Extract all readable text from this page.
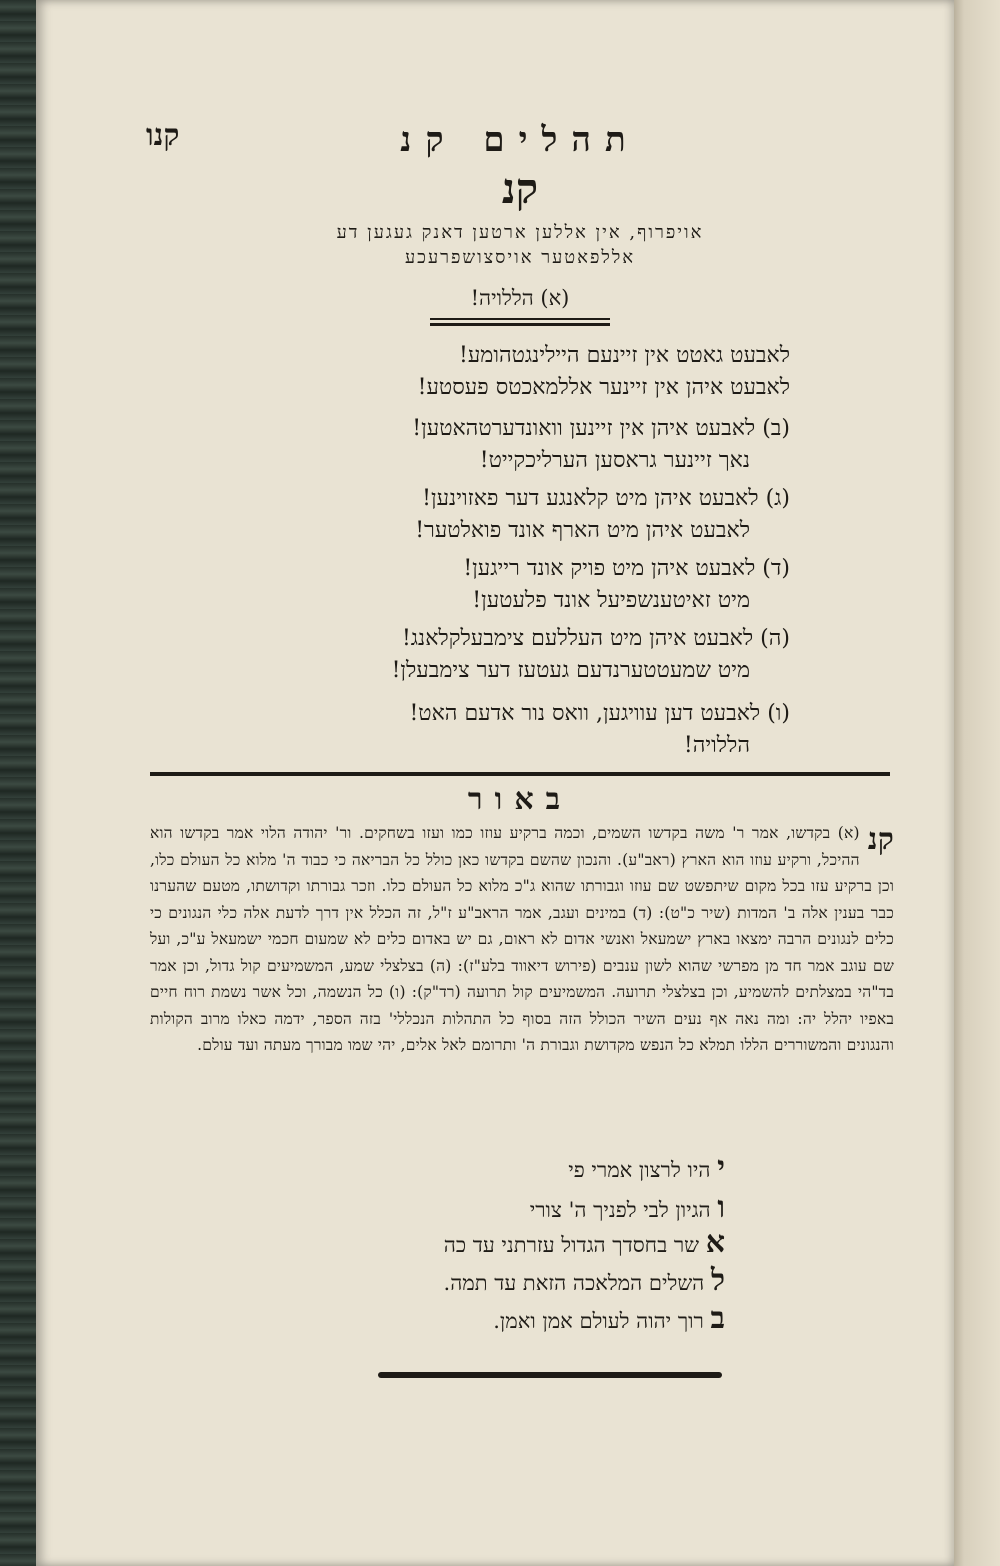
תהלים קנ
קנו
קנ
אויפרוף, אין אללען ארטען דאנק געגען דע
אללפאטער אויסצושפרעכע
(א) הללויה!
לאבעט גאטט אין זיינעם היילינגטהומע!
לאבעט איהן אין זיינער אללמאכטס פעסטע!
(ב) לאבעט איהן אין זיינען וואונדערטהאטען!
נאך זיינער גראסען הערליכקייט!
(ג) לאבעט איהן מיט קלאנגע דער פאזוינען!
לאבעט איהן מיט הארף אונד פואלטער!
(ד) לאבעט איהן מיט פויק אונד רייגען!
מיט זאיטענשפיעל אונד פלעטען!
(ה) לאבעט איהן מיט העללעם צימבעלקלאנג!
מיט שמעטטערנדעם געטעז דער צימבעלן!
(ו) לאבעט דען עוויגען, וואס נור אדעם האט!
הללויה!
באור
קנ
(א) בקדשו, אמר ר' משה בקדשו השמים, וכמה ברקיע עוזו כמו ועזו בשחקים. ור' יהודה הלוי אמר בקדשו הוא ההיכל, ורקיע עוזו הוא הארץ (ראב"ע). והנכון שהשם בקדשו כאן כולל כל הבריאה כי כבוד ה' מלוא כל העולם כלו, וכן ברקיע עזו בכל מקום שיתפשט שם עוזו וגבורתו שהוא ג"כ מלוא כל העולם כלו. וזכר גבורתו וקדושתו, מטעם שהערנו כבר בענין אלה ב' המדות (שיר כ"ט): (ד) במינים ועגב, אמר הראב"ע ז"ל, זה הכלל אין דרך לדעת אלה כלי הנגונים כי כלים לנגונים הרבה ימצאו בארץ ישמעאל ואנשי אדום לא ראום, גם יש באדום כלים לא שמעום חכמי ישמעאל ע"כ, ועל שם עוגב אמר חד מן מפרשי שהוא לשון ענבים (פירוש דיאווד בלע"ז): (ה) בצלצלי שמע, המשמיעים קול גדול, וכן אמר בד"הי במצלתים להשמיע, וכן בצלצלי תרועה. המשמיעים קול תרועה (רד"ק): (ו) כל הנשמה, וכל אשר נשמת רוח חיים באפיו יהלל יה: ומה נאה אף נעים השיר הכולל הזה בסוף כל התהלות הנכללי' בזה הספר, ידמה כאלו מרוב הקולות והנגונים והמשוררים הללו תמלא כל הנפש מקדושת וגבורת ה' ותרומם לאל אלים, יהי שמו מבורך מעתה ועד עולם.
י היו לרצון אמרי פי
ו הגיון לבי לפניך ה' צורי
א שר בחסדך הגדול עזרתני עד כה
ל השלים המלאכה הזאת עד תמה.
ב רוך יהוה לעולם אמן ואמן.
